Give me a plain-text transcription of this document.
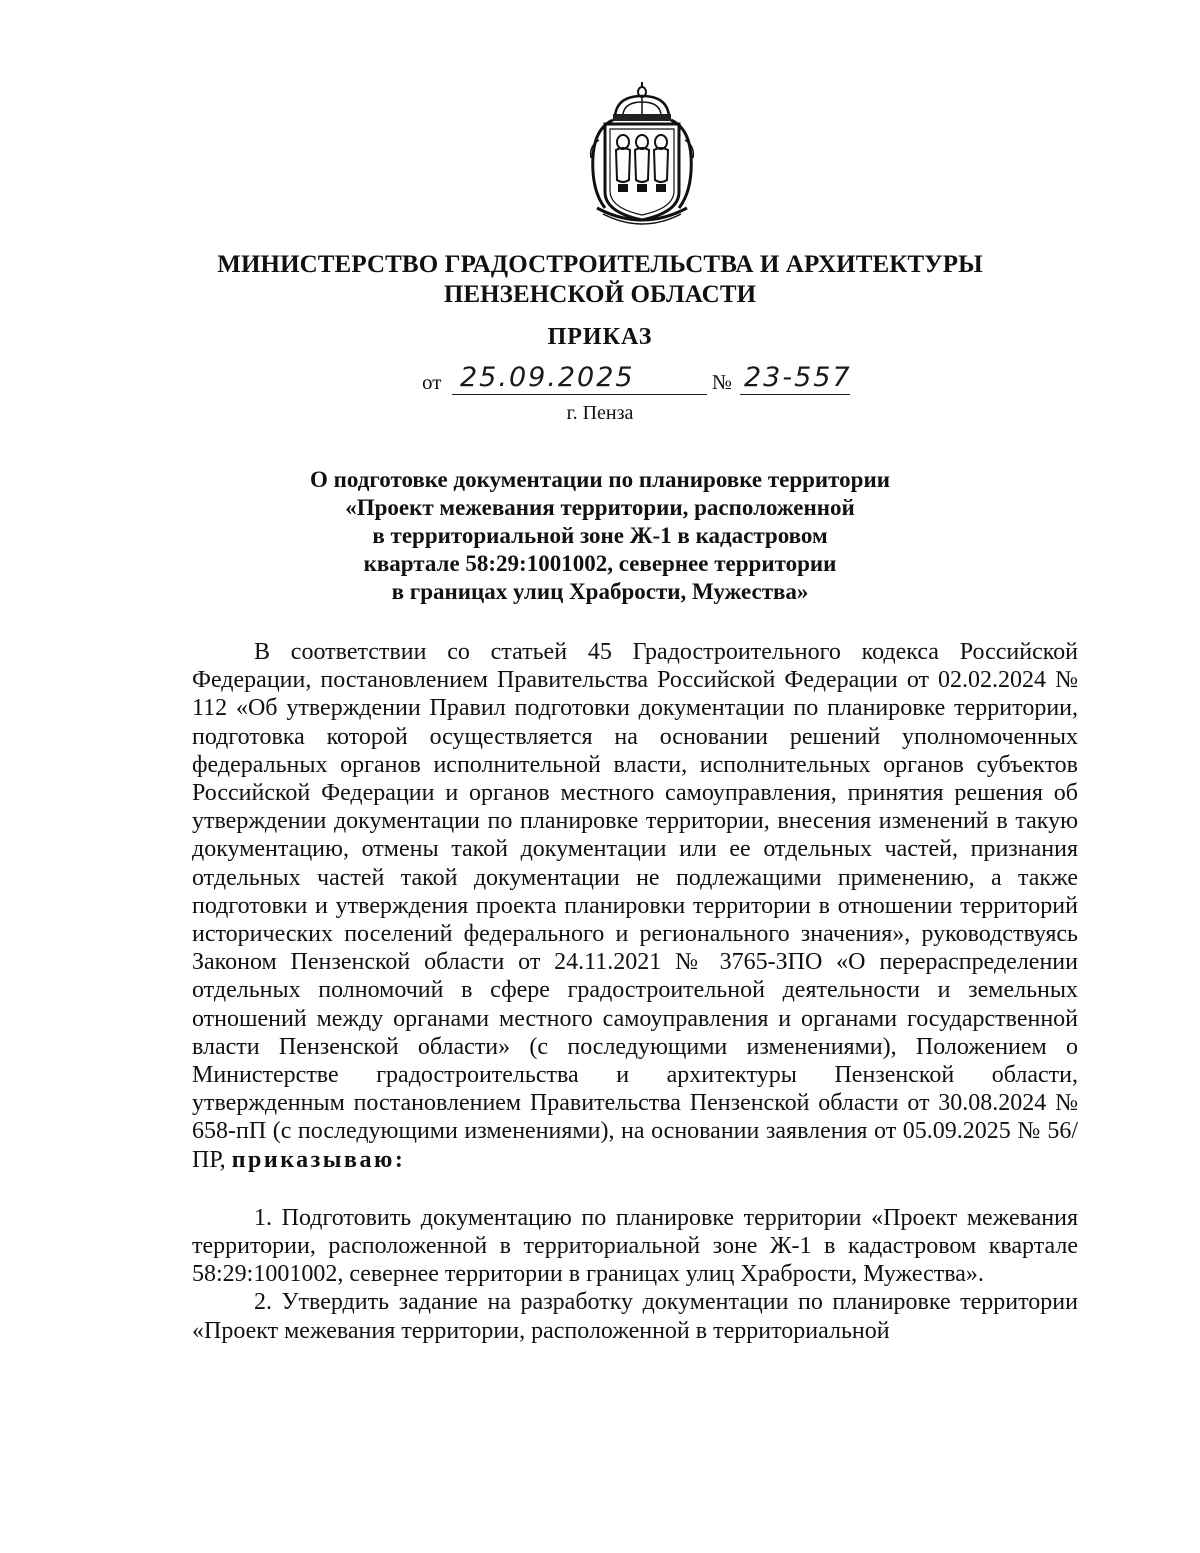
МИНИСТЕРСТВО ГРАДОСТРОИТЕЛЬСТВА И АРХИТЕКТУРЫ
ПЕНЗЕНСКОЙ ОБЛАСТИ
ПРИКАЗ
от 25.09.2025	№ 23-557
г. Пенза
О подготовке документации по планировке территории
«Проект межевания территории, расположенной
в территориальной зоне Ж-1 в кадастровом
квартале 58:29:1001002, севернее территории
в границах улиц Храбрости, Мужества»

В соответствии со статьей 45 Градостроительного кодекса Российской Федерации, постановлением Правительства Российской Федерации от 02.02.2024 № 112 «Об утверждении Правил подготовки документации по планировке территории, подготовка которой осуществляется на основании решений уполномоченных федеральных органов исполнительной власти, исполнительных органов субъектов Российской Федерации и органов местного самоуправления, принятия решения об утверждении документации по планировке территории, внесения изменений в такую документацию, отмены такой документации или ее отдельных частей, признания отдельных частей такой документации не подлежащими применению, а также подготовки и утверждения проекта планировки территории в отношении территорий исторических поселений федерального и регионального значения», руководствуясь Законом Пензенской области от 24.11.2021 № 3765-ЗПО «О перераспределении отдельных полномочий в сфере градостроительной деятельности и земельных отношений между органами местного самоуправления и органами государственной власти Пензенской области» (с последующими изменениями), Положением о Министерстве градостроительства и архитектуры Пензенской области, утвержденным постановлением Правительства Пензенской области от 30.08.2024 № 658-пП (с последующими изменениями), на основании заявления от 05.09.2025 № 56/ПР, приказываю:

1. Подготовить документацию по планировке территории «Проект межевания территории, расположенной в территориальной зоне Ж-1 в кадастровом квартале 58:29:1001002, севернее территории в границах улиц Храбрости, Мужества».

2. Утвердить задание на разработку документации по планировке территории «Проект межевания территории, расположенной в территориальной
